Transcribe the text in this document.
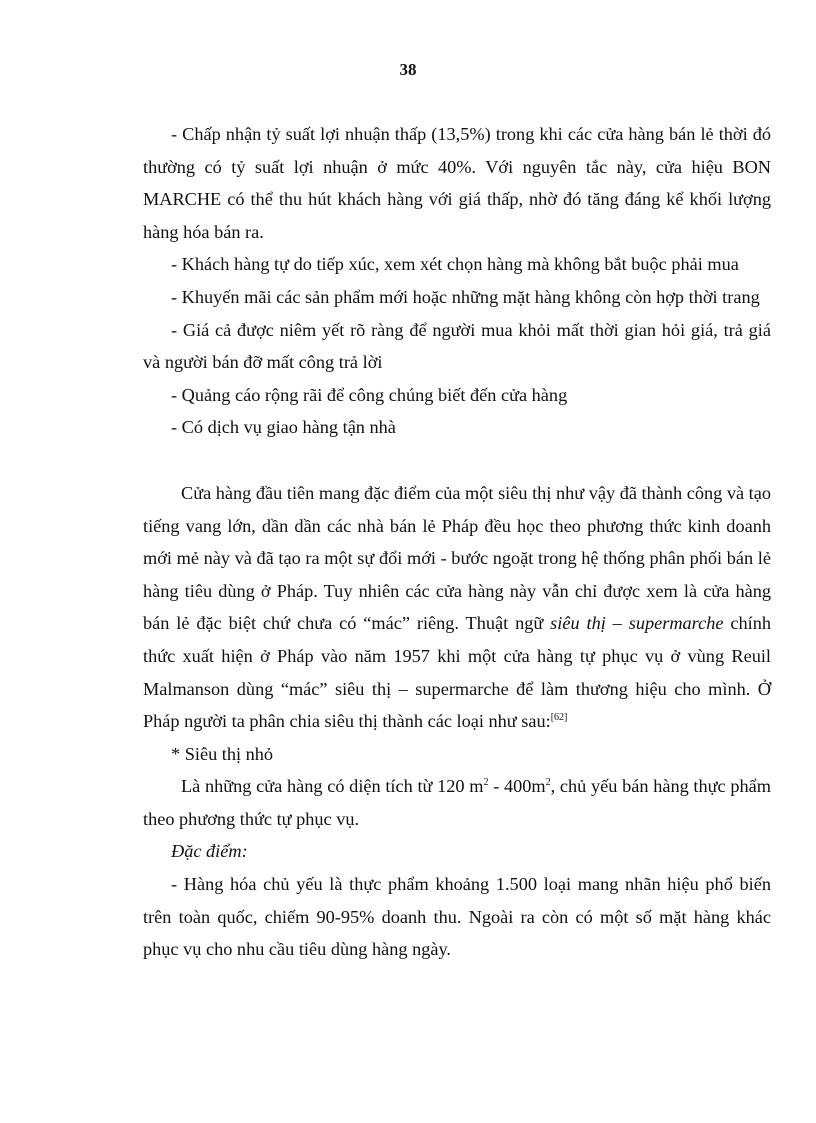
38

- Chấp nhận tỷ suất lợi nhuận thấp (13,5%) trong khi các cửa hàng bán lẻ thời đó thường có tỷ suất lợi nhuận ở mức 40%. Với nguyên tắc này, cửa hiệu BON MARCHE có thể thu hút khách hàng với giá thấp, nhờ đó tăng đáng kể khối lượng hàng hóa bán ra.

- Khách hàng tự do tiếp xúc, xem xét chọn hàng mà không bắt buộc phải mua

- Khuyến mãi các sản phẩm mới hoặc những mặt hàng không còn hợp thời trang

- Giá cả được niêm yết rõ ràng để người mua khỏi mất thời gian hỏi giá, trả giá và người bán đỡ mất công trả lời

- Quảng cáo rộng rãi để công chúng biết đến cửa hàng

- Có dịch vụ giao hàng tận nhà

Cửa hàng đầu tiên mang đặc điểm của một siêu thị như vậy đã thành công và tạo tiếng vang lớn, dần dần các nhà bán lẻ Pháp đều học theo phương thức kinh doanh mới mẻ này và đã tạo ra một sự đổi mới - bước ngoặt trong hệ thống phân phối bán lẻ hàng tiêu dùng ở Pháp. Tuy nhiên các cửa hàng này vẫn chỉ được xem là cửa hàng bán lẻ đặc biệt chứ chưa có “mác” riêng. Thuật ngữ siêu thị – supermarche chính thức xuất hiện ở Pháp vào năm 1957 khi một cửa hàng tự phục vụ ở vùng Reuil Malmanson dùng “mác” siêu thị – supermarche để làm thương hiệu cho mình. Ở Pháp người ta phân chia siêu thị thành các loại như sau:[62]

* Siêu thị nhỏ

Là những cửa hàng có diện tích từ 120 $m^2 - 400m^2$, chủ yếu bán hàng thực phẩm theo phương thức tự phục vụ.

Đặc điểm:

- Hàng hóa chủ yếu là thực phẩm khoảng 1.500 loại mang nhãn hiệu phổ biến trên toàn quốc, chiếm 90-95% doanh thu. Ngoài ra còn có một số mặt hàng khác phục vụ cho nhu cầu tiêu dùng hàng ngày.
